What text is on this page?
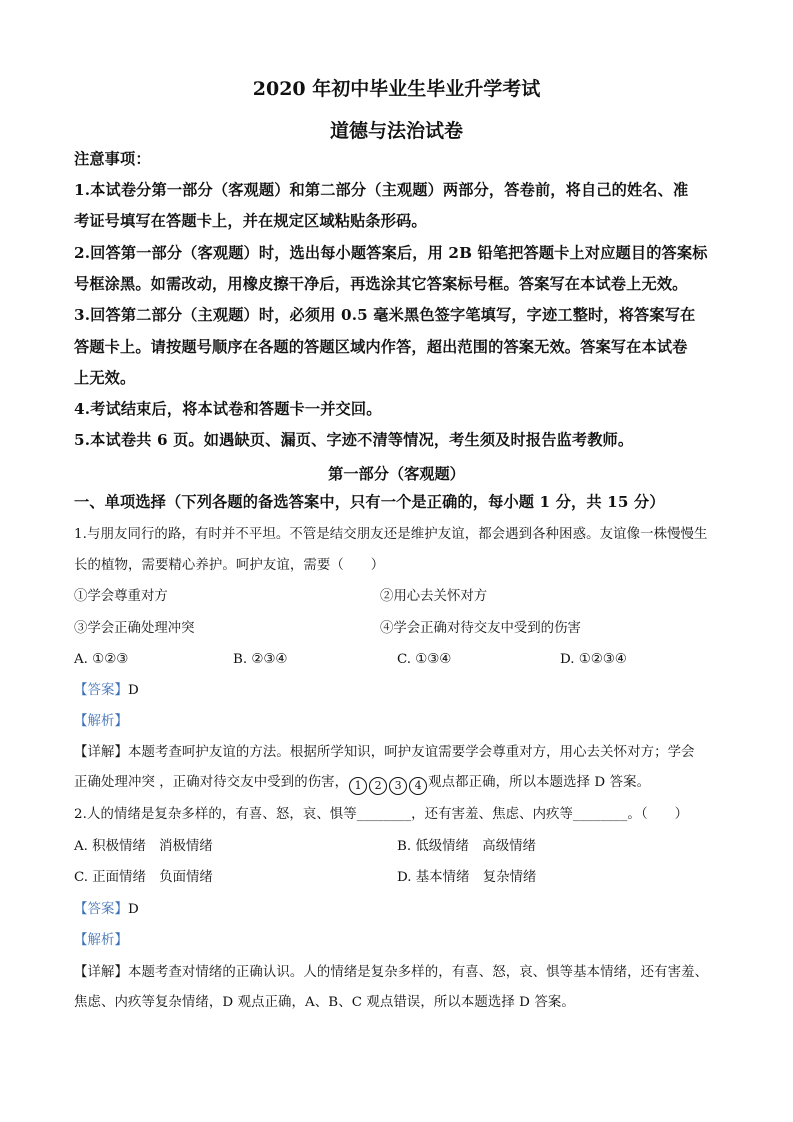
2020 年初中毕业生毕业升学考试
道德与法治试卷
注意事项：
1.本试卷分第一部分（客观题）和第二部分（主观题）两部分，答卷前，将自己的姓名、准
考证号填写在答题卡上，并在规定区域粘贴条形码。
2.回答第一部分（客观题）时，选出每小题答案后，用 2B 铅笔把答题卡上对应题目的答案标
号框涂黑。如需改动，用橡皮擦干净后，再选涂其它答案标号框。答案写在本试卷上无效。
3.回答第二部分（主观题）时，必须用 0.5 毫米黑色签字笔填写，字迹工整时，将答案写在
答题卡上。请按题号顺序在各题的答题区域内作答，超出范围的答案无效。答案写在本试卷
上无效。
4.考试结束后，将本试卷和答题卡一并交回。
5.本试卷共 6 页。如遇缺页、漏页、字迹不清等情况，考生须及时报告监考教师。
第一部分（客观题）
一、单项选择（下列各题的备选答案中，只有一个是正确的，每小题 1 分，共 15 分）
1.与朋友同行的路，有时并不平坦。不管是结交朋友还是维护友谊，都会遇到各种困惑。友谊像一株慢慢生
长的植物，需要精心养护。呵护友谊，需要（　　）
①学会尊重对方	②用心去关怀对方
③学会正确处理冲突	④学会正确对待交友中受到的伤害
A. ①②③	B. ②③④	C. ①③④	D. ①②③④
【答案】D
【解析】
【详解】本题考查呵护友谊的方法。根据所学知识，呵护友谊需要学会尊重对方，用心去关怀对方；学会
正确处理冲突 ，正确对待交友中受到的伤害， 1 2 3 4 观点都正确，所以本题选择 D 答案。
2.人的情绪是复杂多样的，有喜、怒，哀、惧等________，还有害羞、焦虑、内疚等________。（　　）
A. 积极情绪　消极情绪	B. 低级情绪　高级情绪
C. 正面情绪　负面情绪	D. 基本情绪　复杂情绪
【答案】D
【解析】
【详解】本题考查对情绪的正确认识。人的情绪是复杂多样的，有喜、怒，哀、惧等基本情绪，还有害羞、
焦虑、内疚等复杂情绪，D 观点正确，A、B、C 观点错误，所以本题选择 D 答案。
